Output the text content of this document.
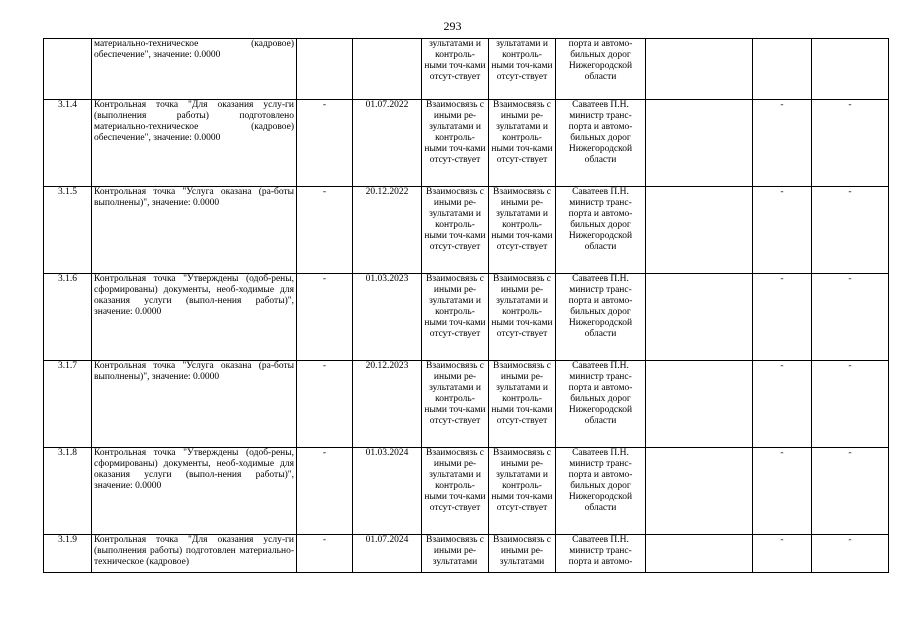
293
	материально-техническое (кадровое) обеспечение", значение: 0.0000			зультатами и контроль-ными точ-ками отсут-ствует	зультатами и контроль-ными точ-ками отсут-ствует	порта и автомо-бильных дорог Нижегородской области			
3.1.4	Контрольная точка "Для оказания услу-ги (выполнения работы) подготовлено материально-техническое (кадровое) обеспечение", значение: 0.0000	-	01.07.2022	Взаимосвязь с иными ре-зультатами и контроль-ными точ-ками отсут-ствует	Взаимосвязь с иными ре-зультатами и контроль-ными точ-ками отсут-ствует	Саватеев П.Н. министр транс-порта и автомо-бильных дорог Нижегородской области		-	-
3.1.5	Контрольная точка "Услуга оказана (ра-боты выполнены)", значение: 0.0000	-	20.12.2022	Взаимосвязь с иными ре-зультатами и контроль-ными точ-ками отсут-ствует	Взаимосвязь с иными ре-зультатами и контроль-ными точ-ками отсут-ствует	Саватеев П.Н. министр транс-порта и автомо-бильных дорог Нижегородской области		-	-
3.1.6	Контрольная точка "Утверждены (одоб-рены, сформированы) документы, необ-ходимые для оказания услуги (выпол-нения работы)", значение: 0.0000	-	01.03.2023	Взаимосвязь с иными ре-зультатами и контроль-ными точ-ками отсут-ствует	Взаимосвязь с иными ре-зультатами и контроль-ными точ-ками отсут-ствует	Саватеев П.Н. министр транс-порта и автомо-бильных дорог Нижегородской области		-	-
3.1.7	Контрольная точка "Услуга оказана (ра-боты выполнены)", значение: 0.0000	-	20.12.2023	Взаимосвязь с иными ре-зультатами и контроль-ными точ-ками отсут-ствует	Взаимосвязь с иными ре-зультатами и контроль-ными точ-ками отсут-ствует	Саватеев П.Н. министр транс-порта и автомо-бильных дорог Нижегородской области		-	-
3.1.8	Контрольная точка "Утверждены (одоб-рены, сформированы) документы, необ-ходимые для оказания услуги (выпол-нения работы)", значение: 0.0000	-	01.03.2024	Взаимосвязь с иными ре-зультатами и контроль-ными точ-ками отсут-ствует	Взаимосвязь с иными ре-зультатами и контроль-ными точ-ками отсут-ствует	Саватеев П.Н. министр транс-порта и автомо-бильных дорог Нижегородской области		-	-
3.1.9	Контрольная точка "Для оказания услу-ги (выполнения работы) подготовлен материально-техническое (кадровое)	-	01.07.2024	Взаимосвязь с иными ре-зультатами	Взаимосвязь с иными ре-зультатами	Саватеев П.Н. министр транс-порта и автомо-		-	-
